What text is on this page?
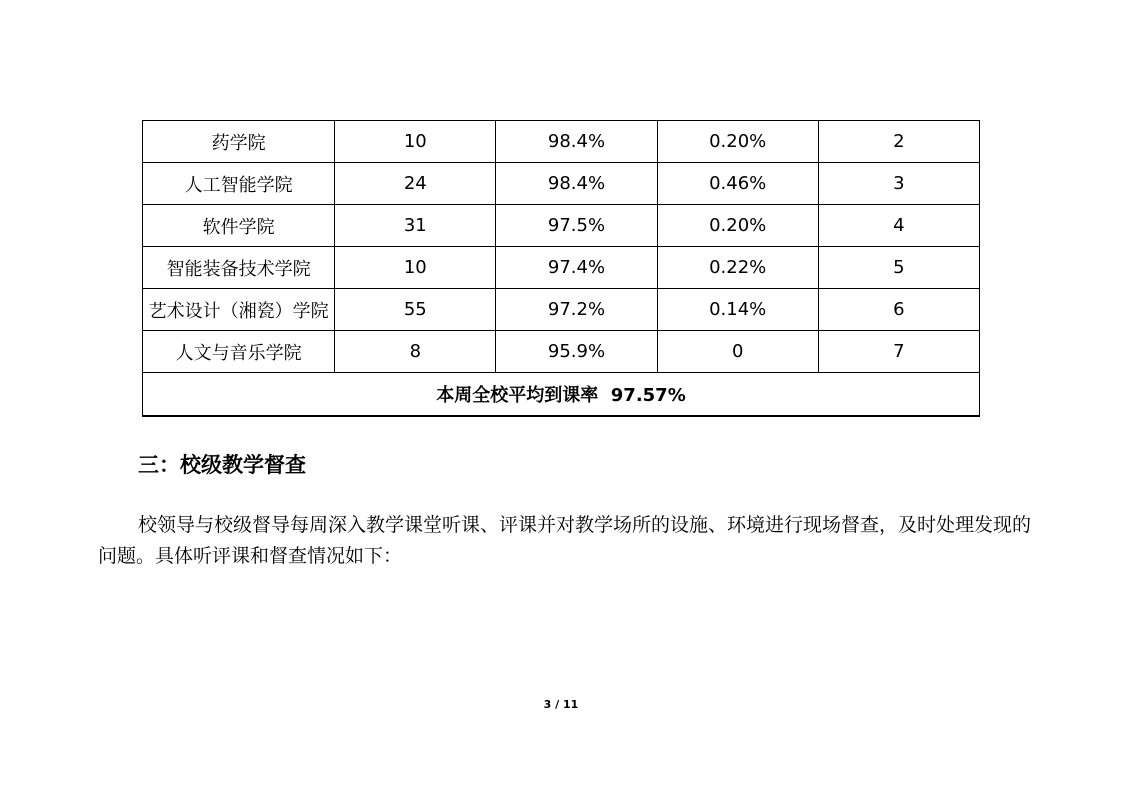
药学院	10	98.4%	0.20%	2
人工智能学院	24	98.4%	0.46%	3
软件学院	31	97.5%	0.20%	4
智能装备技术学院	10	97.4%	0.22%	5
艺术设计（湘瓷）学院	55	97.2%	0.14%	6
人文与音乐学院	8	95.9%	0	7
本周全校平均到课率  97.57%				
三：校级教学督查
校领导与校级督导每周深入教学课堂听课、评课并对教学场所的设施、环境进行现场督查，及时处理发现的问题。具体听评课和督查情况如下：
3 / 11
